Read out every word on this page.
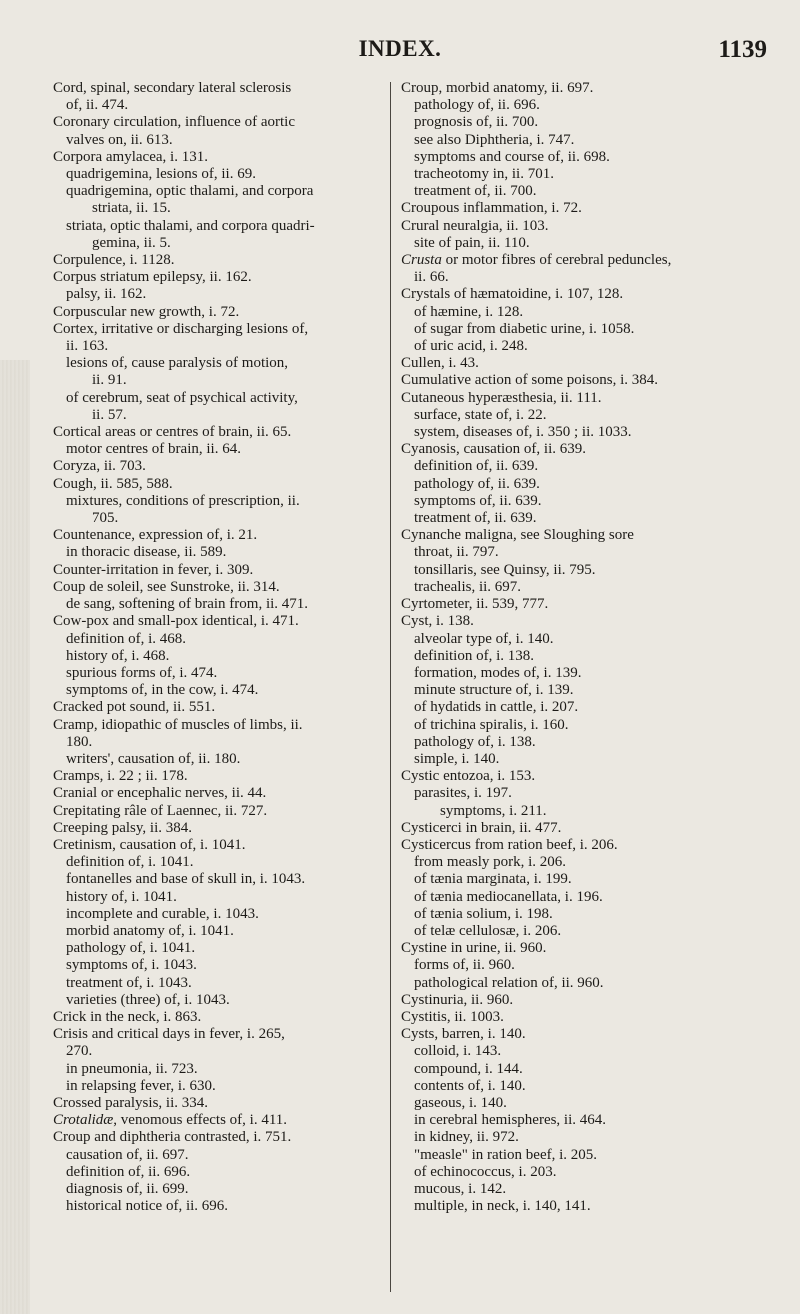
INDEX.	1139

Cord, spinal, secondary lateral sclerosis

of, ii. 474.

Coronary circulation, influence of aortic

valves on, ii. 613.

Corpora amylacea, i. 131.

quadrigemina, lesions of, ii. 69.

quadrigemina, optic thalami, and corpora

striata, ii. 15.

striata, optic thalami, and corpora quadri-

gemina, ii. 5.

Corpulence, i. 1128.

Corpus striatum epilepsy, ii. 162.

palsy, ii. 162.

Corpuscular new growth, i. 72.

Cortex, irritative or discharging lesions of,

ii. 163.

lesions of, cause paralysis of motion,

ii. 91.

of cerebrum, seat of psychical activity,

ii. 57.

Cortical areas or centres of brain, ii. 65.

motor centres of brain, ii. 64.

Coryza, ii. 703.

Cough, ii. 585, 588.

mixtures, conditions of prescription, ii.

705.

Countenance, expression of, i. 21.

in thoracic disease, ii. 589.

Counter-irritation in fever, i. 309.

Coup de soleil, see Sunstroke, ii. 314.

de sang, softening of brain from, ii. 471.

Cow-pox and small-pox identical, i. 471.

definition of, i. 468.

history of, i. 468.

spurious forms of, i. 474.

symptoms of, in the cow, i. 474.

Cracked pot sound, ii. 551.

Cramp, idiopathic of muscles of limbs, ii.

180.

writers', causation of, ii. 180.

Cramps, i. 22 ; ii. 178.

Cranial or encephalic nerves, ii. 44.

Crepitating râle of Laennec, ii. 727.

Creeping palsy, ii. 384.

Cretinism, causation of, i. 1041.

definition of, i. 1041.

fontanelles and base of skull in, i. 1043.

history of, i. 1041.

incomplete and curable, i. 1043.

morbid anatomy of, i. 1041.

pathology of, i. 1041.

symptoms of, i. 1043.

treatment of, i. 1043.

varieties (three) of, i. 1043.

Crick in the neck, i. 863.

Crisis and critical days in fever, i. 265,

270.

in pneumonia, ii. 723.

in relapsing fever, i. 630.

Crossed paralysis, ii. 334.

Crotalidæ, venomous effects of, i. 411.

Croup and diphtheria contrasted, i. 751.

causation of, ii. 697.

definition of, ii. 696.

diagnosis of, ii. 699.

historical notice of, ii. 696.

Croup, morbid anatomy, ii. 697.

pathology of, ii. 696.

prognosis of, ii. 700.

see also Diphtheria, i. 747.

symptoms and course of, ii. 698.

tracheotomy in, ii. 701.

treatment of, ii. 700.

Croupous inflammation, i. 72.

Crural neuralgia, ii. 103.

site of pain, ii. 110.

Crusta or motor fibres of cerebral peduncles,

ii. 66.

Crystals of hæmatoidine, i. 107, 128.

of hæmine, i. 128.

of sugar from diabetic urine, i. 1058.

of uric acid, i. 248.

Cullen, i. 43.

Cumulative action of some poisons, i. 384.

Cutaneous hyperæsthesia, ii. 111.

surface, state of, i. 22.

system, diseases of, i. 350 ; ii. 1033.

Cyanosis, causation of, ii. 639.

definition of, ii. 639.

pathology of, ii. 639.

symptoms of, ii. 639.

treatment of, ii. 639.

Cynanche maligna, see Sloughing sore

throat, ii. 797.

tonsillaris, see Quinsy, ii. 795.

trachealis, ii. 697.

Cyrtometer, ii. 539, 777.

Cyst, i. 138.

alveolar type of, i. 140.

definition of, i. 138.

formation, modes of, i. 139.

minute structure of, i. 139.

of hydatids in cattle, i. 207.

of trichina spiralis, i. 160.

pathology of, i. 138.

simple, i. 140.

Cystic entozoa, i. 153.

parasites, i. 197.

symptoms, i. 211.

Cysticerci in brain, ii. 477.

Cysticercus from ration beef, i. 206.

from measly pork, i. 206.

of tænia marginata, i. 199.

of tænia mediocanellata, i. 196.

of tænia solium, i. 198.

of telæ cellulosæ, i. 206.

Cystine in urine, ii. 960.

forms of, ii. 960.

pathological relation of, ii. 960.

Cystinuria, ii. 960.

Cystitis, ii. 1003.

Cysts, barren, i. 140.

colloid, i. 143.

compound, i. 144.

contents of, i. 140.

gaseous, i. 140.

in cerebral hemispheres, ii. 464.

in kidney, ii. 972.

"measle" in ration beef, i. 205.

of echinococcus, i. 203.

mucous, i. 142.

multiple, in neck, i. 140, 141.
